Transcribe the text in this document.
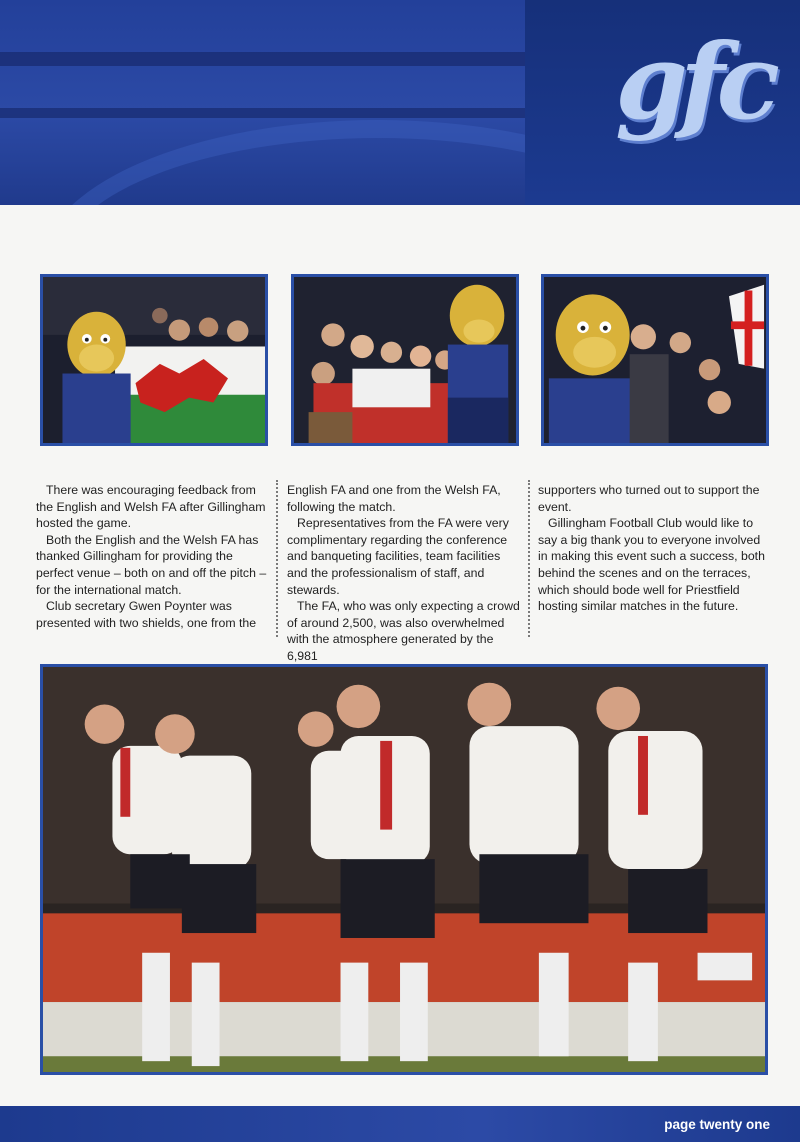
gfc

There was encouraging feedback from the English and Welsh FA after Gillingham hosted the game.

Both the English and the Welsh FA has thanked Gillingham for providing the perfect venue – both on and off the pitch – for the international match.

Club secretary Gwen Poynter was presented with two shields, one from the

English FA and one from the Welsh FA, following the match.

Representatives from the FA were very complimentary regarding the conference and banqueting facilities, team facilities and the professionalism of staff, and stewards.

The FA, who was only expecting a crowd of around 2,500, was also overwhelmed with the atmosphere generated by the 6,981

supporters who turned out to support the event.

Gillingham Football Club would like to say a big thank you to everyone involved in making this event such a success, both behind the scenes and on the terraces, which should bode well for Priestfield hosting similar matches in the future.

page twenty one
